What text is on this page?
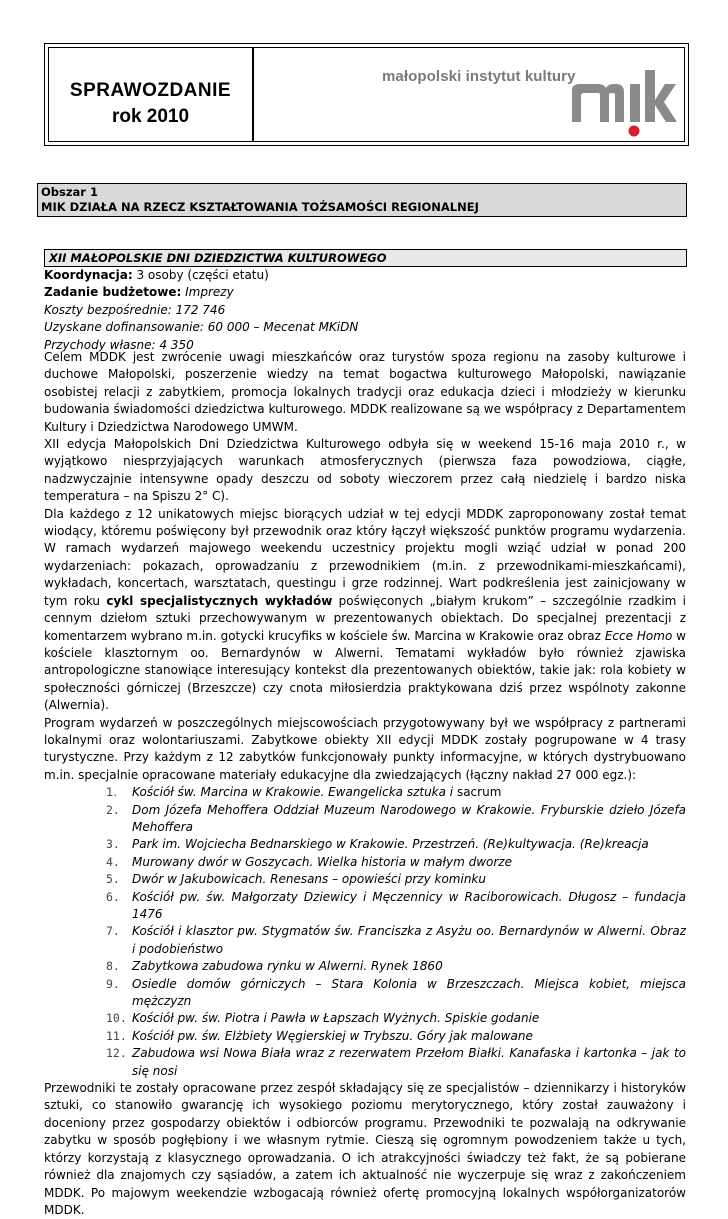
SPRAWOZDANIE
rok 2010
małopolski instytut kultury
Obszar 1
MIK DZIAŁA NA RZECZ KSZTAŁTOWANIA TOŻSAMOŚCI REGIONALNEJ
XII MAŁOPOLSKIE DNI DZIEDZICTWA KULTUROWEGO
Koordynacja: 3 osoby (części etatu)
Zadanie budżetowe: Imprezy
Koszty bezpośrednie: 172 746
Uzyskane dofinansowanie: 60 000 – Mecenat MKiDN
Przychody własne: 4 350

Celem MDDK jest zwrócenie uwagi mieszkańców oraz turystów spoza regionu na zasoby kulturowe i duchowe Małopolski, poszerzenie wiedzy na temat bogactwa kulturowego Małopolski, nawiązanie osobistej relacji z zabytkiem, promocja lokalnych tradycji oraz edukacja dzieci i młodzieży w kierunku budowania świadomości dziedzictwa kulturowego. MDDK realizowane są we współpracy z Departamentem Kultury i Dziedzictwa Narodowego UMWM.

XII edycja Małopolskich Dni Dziedzictwa Kulturowego odbyła się w weekend 15-16 maja 2010 r., w wyjątkowo niesprzyjających warunkach atmosferycznych (pierwsza faza powodziowa, ciągłe, nadzwyczajnie intensywne opady deszczu od soboty wieczorem przez całą niedzielę i bardzo niska temperatura – na Spiszu 2° C).

Dla każdego z 12 unikatowych miejsc biorących udział w tej edycji MDDK zaproponowany został temat wiodący, któremu poświęcony był przewodnik oraz który łączył większość punktów programu wydarzenia. W ramach wydarzeń majowego weekendu uczestnicy projektu mogli wziąć udział w ponad 200 wydarzeniach: pokazach, oprowadzaniu z przewodnikiem (m.in. z przewodnikami-mieszkańcami), wykładach, koncertach, warsztatach, questingu i grze rodzinnej. Wart podkreślenia jest zainicjowany w tym roku cykl specjalistycznych wykładów poświęconych „białym krukom” – szczególnie rzadkim i cennym dziełom sztuki przechowywanym w prezentowanych obiektach. Do specjalnej prezentacji z komentarzem wybrano m.in. gotycki krucyfiks w kościele św. Marcina w Krakowie oraz obraz Ecce Homo w kościele klasztornym oo. Bernardynów w Alwerni. Tematami wykładów było również zjawiska antropologiczne stanowiące interesujący kontekst dla prezentowanych obiektów, takie jak: rola kobiety w społeczności górniczej (Brzeszcze) czy cnota miłosierdzia praktykowana dziś przez wspólnoty zakonne (Alwernia).

Program wydarzeń w poszczególnych miejscowościach przygotowywany był we współpracy z partnerami lokalnymi oraz wolontariuszami. Zabytkowe obiekty XII edycji MDDK zostały pogrupowane w 4 trasy turystyczne. Przy każdym z 12 zabytków funkcjonowały punkty informacyjne, w których dystrybuowano m.in. specjalnie opracowane materiały edukacyjne dla zwiedzających (łączny nakład 27 000 egz.):

1. Kościół św. Marcina w Krakowie. Ewangelicka sztuka i sacrum
2. Dom Józefa Mehoffera Oddział Muzeum Narodowego w Krakowie. Fryburskie dzieło Józefa Mehoffera
3. Park im. Wojciecha Bednarskiego w Krakowie. Przestrzeń. (Re)kultywacja. (Re)kreacja
4. Murowany dwór w Goszycach. Wielka historia w małym dworze
5. Dwór w Jakubowicach. Renesans – opowieści przy kominku
6. Kościół pw. św. Małgorzaty Dziewicy i Męczennicy w Raciborowicach. Długosz – fundacja 1476
7. Kościół i klasztor pw. Stygmatów św. Franciszka z Asyżu oo. Bernardynów w Alwerni. Obraz i podobieństwo
8. Zabytkowa zabudowa rynku w Alwerni. Rynek 1860
9. Osiedle domów górniczych – Stara Kolonia w Brzeszczach. Miejsca kobiet, miejsca mężczyzn
10. Kościół pw. św. Piotra i Pawła w Łapszach Wyżnych. Spiskie godanie
11. Kościół pw. św. Elżbiety Węgierskiej w Trybszu. Góry jak malowane
12. Zabudowa wsi Nowa Biała wraz z rezerwatem Przełom Białki. Kanafaska i kartonka – jak to się nosi

Przewodniki te zostały opracowane przez zespół składający się ze specjalistów – dziennikarzy i historyków sztuki, co stanowiło gwarancję ich wysokiego poziomu merytorycznego, który został zauważony i doceniony przez gospodarzy obiektów i odbiorców programu. Przewodniki te pozwalają na odkrywanie zabytku w sposób pogłębiony i we własnym rytmie. Cieszą się ogromnym powodzeniem także u tych, którzy korzystają z klasycznego oprowadzania. O ich atrakcyjności świadczy też fakt, że są pobierane również dla znajomych czy sąsiadów, a zatem ich aktualność nie wyczerpuje się wraz z zakończeniem MDDK. Po majowym weekendzie wzbogacają również ofertę promocyjną lokalnych współorganizatorów MDDK.
